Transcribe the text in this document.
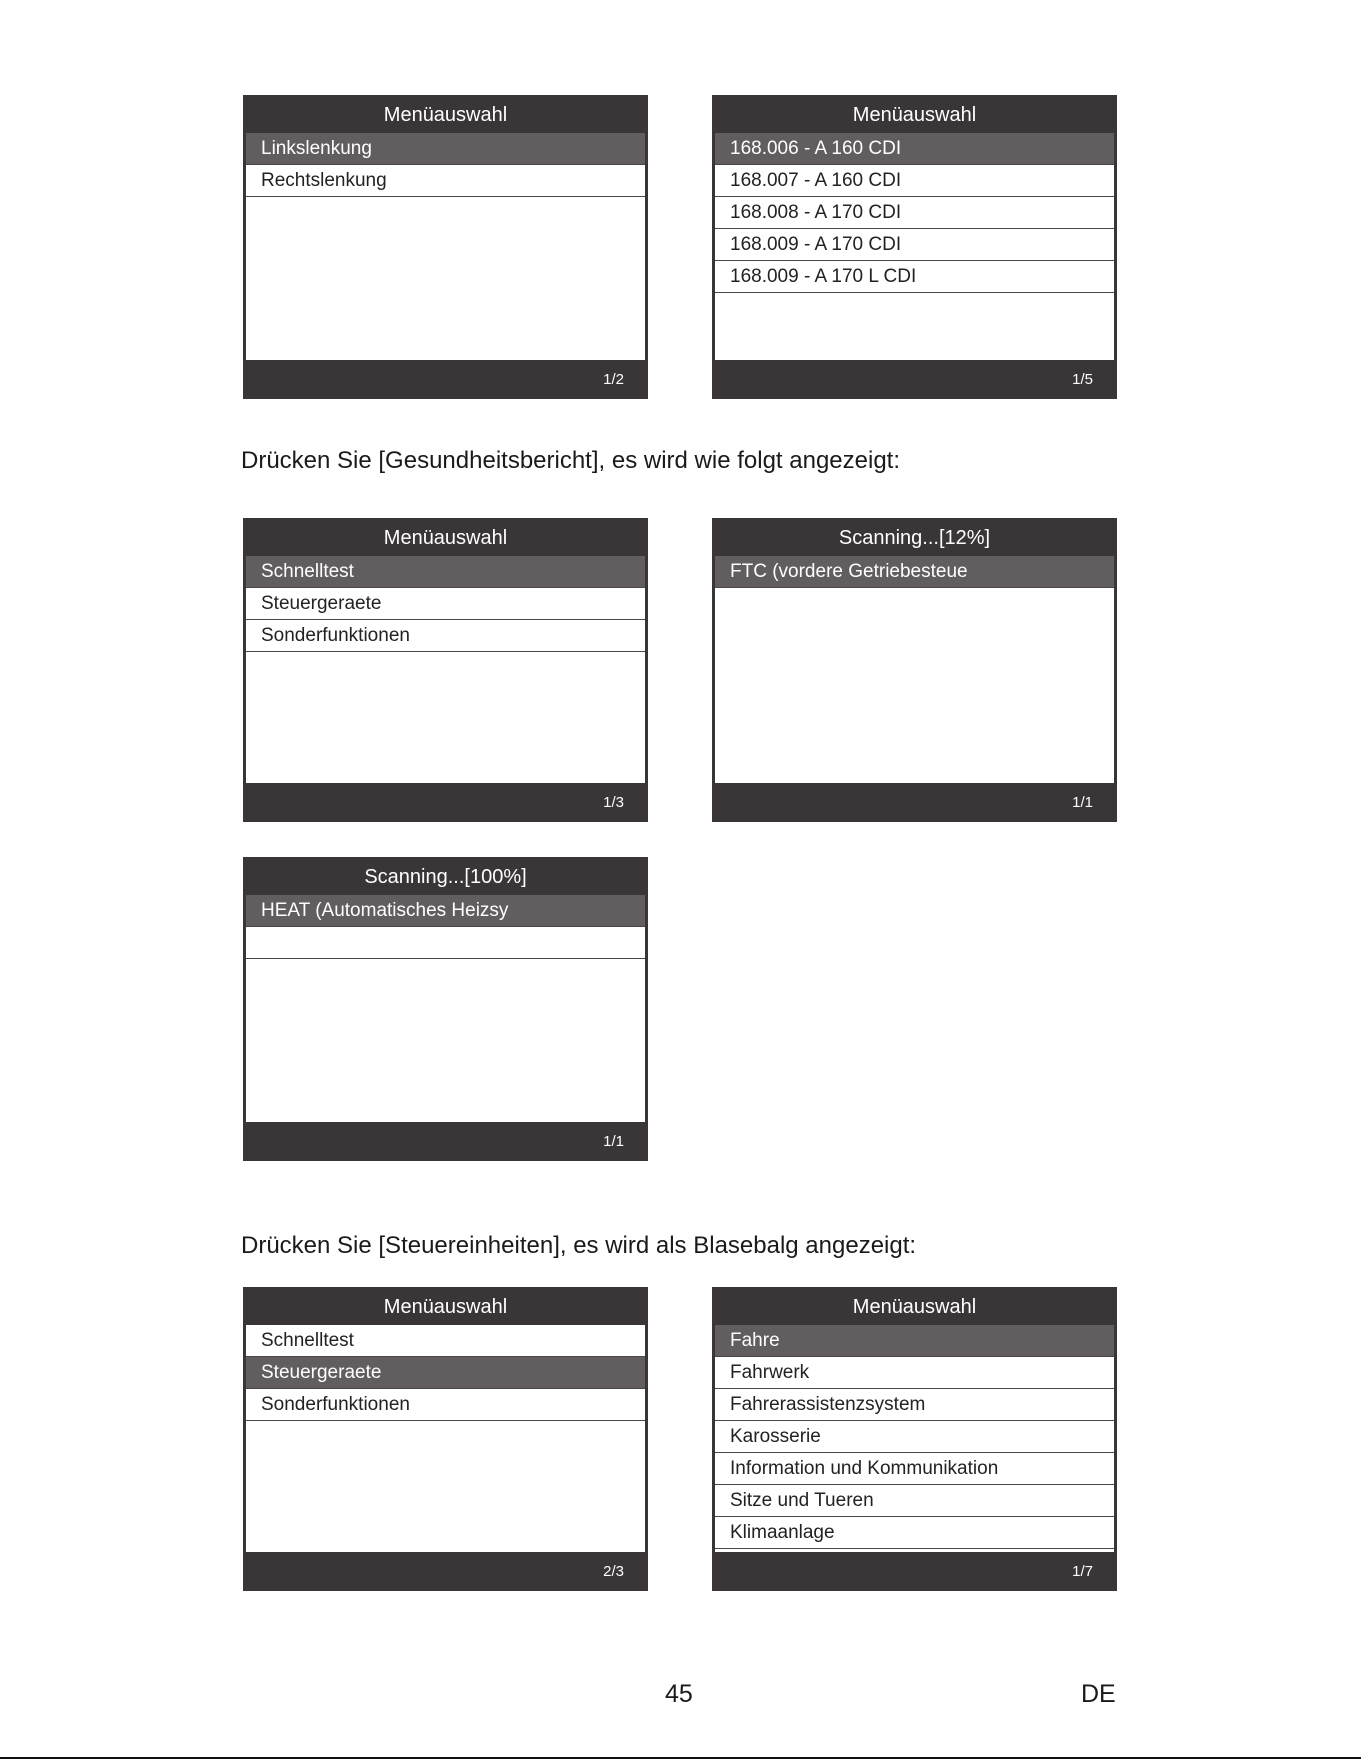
Menüauswahl
Linkslenkung
Rechtslenkung
1/2
Menüauswahl
168.006 - A 160 CDI
168.007 - A 160 CDI
168.008 - A 170 CDI
168.009 - A 170 CDI
168.009 - A 170 L CDI
1/5
Drücken Sie [Gesundheitsbericht], es wird wie folgt angezeigt:
Menüauswahl
Schnelltest
Steuergeraete
Sonderfunktionen
1/3
Scanning...[12%]
FTC (vordere Getriebesteue
1/1
Scanning...[100%]
HEAT (Automatisches Heizsy
1/1
Drücken Sie [Steuereinheiten], es wird als Blasebalg angezeigt:
Menüauswahl
Schnelltest
Steuergeraete
Sonderfunktionen
2/3
Menüauswahl
Fahre
Fahrwerk
Fahrerassistenzsystem
Karosserie
Information und Kommunikation
Sitze und Tueren
Klimaanlage
1/7
45	DE
